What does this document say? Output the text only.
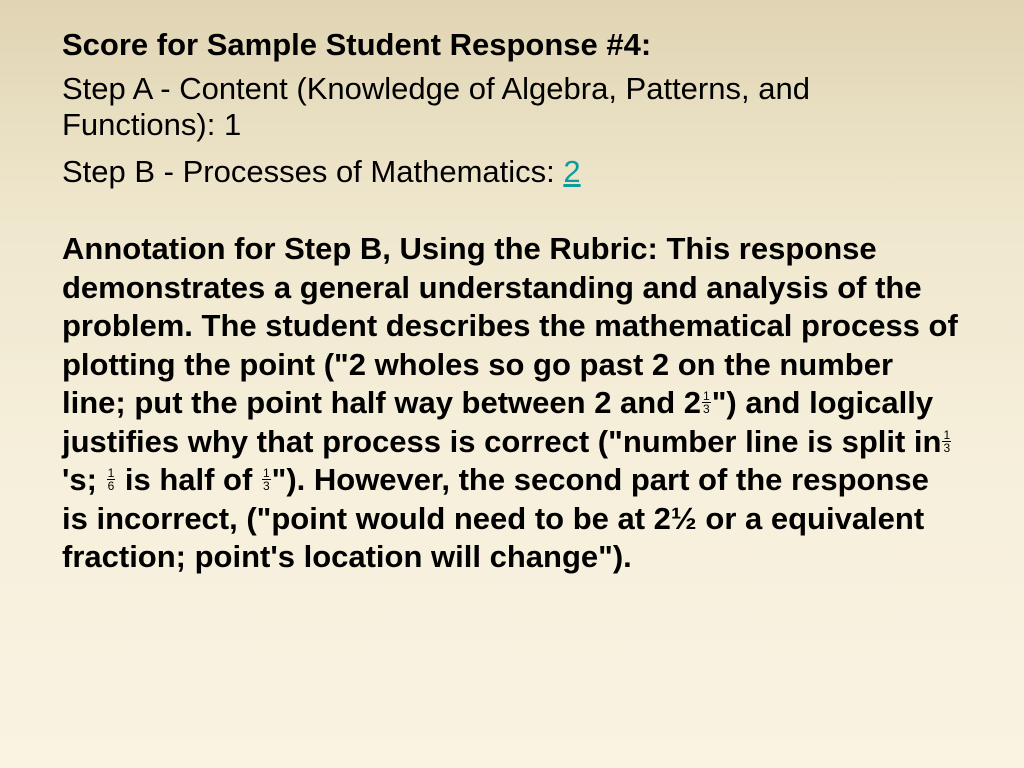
Score for Sample Student Response #4:
Step A - Content (Knowledge of Algebra, Patterns, and Functions): 1
Step B - Processes of Mathematics: 2
Annotation for Step B, Using the Rubric: This response demonstrates a general understanding and analysis of the problem. The student describes the mathematical process of plotting the point ("2 wholes so go past 2 on the number line; put the point half way between 2 and $2 \frac{1}{3}$ ") and logically justifies why that process is correct ("number line is split in $\frac{1}{3}$
's; $\frac{1}{6}$ is half of $\frac{1}{3}$ "). However, the second part of the response is incorrect, ("point would need to be at 2½ or a equivalent fraction; point's location will change").
